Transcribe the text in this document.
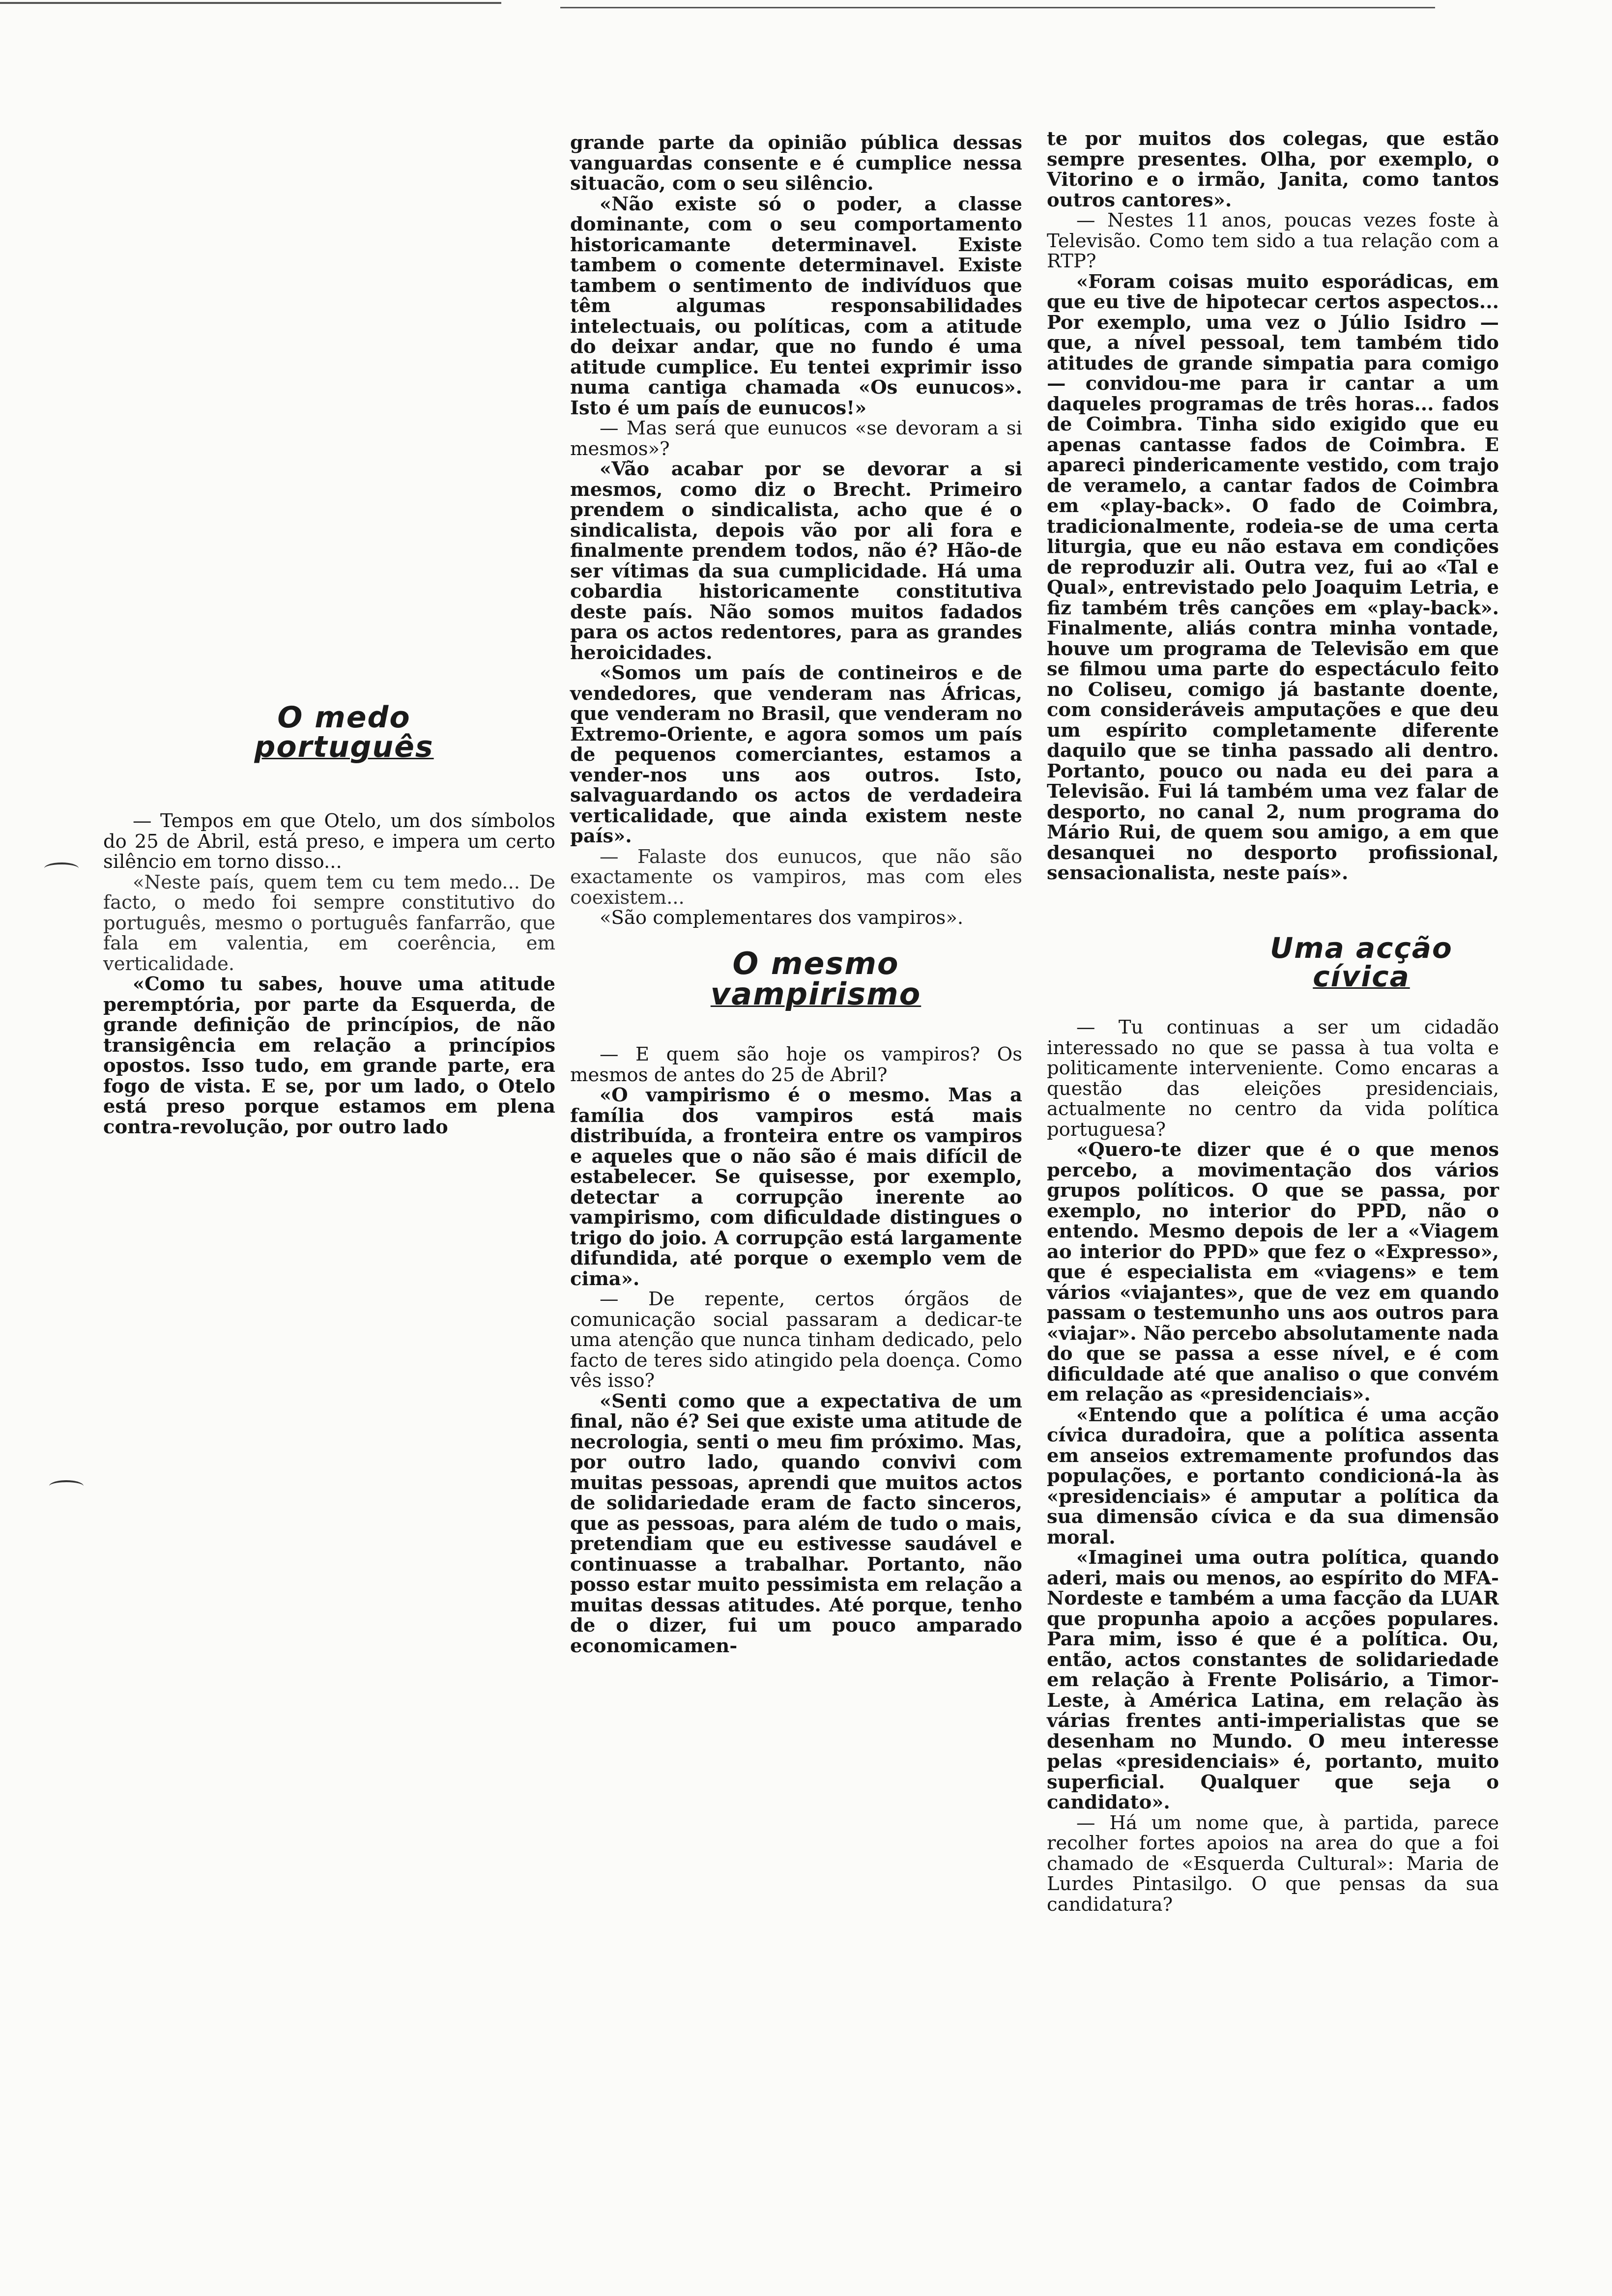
grande parte da opinião pública dessas vanguardas consente e é cumplice nessa situacão, com o seu silêncio.

«Não existe só o poder, a classe dominante, com o seu comportamento historicamante determinavel. Existe tambem o comente determinavel. Existe tambem o sentimento de indivíduos que têm algumas responsabilidades intelectuais, ou políticas, com a atitude do deixar andar, que no fundo é uma atitude cumplice. Eu tentei exprimir isso numa cantiga chamada «Os eunucos». Isto é um país de eunucos!»

— Mas será que eunucos «se devoram a si mesmos»?

«Vão acabar por se devorar a si mesmos, como diz o Brecht. Primeiro prendem o sindicalista, acho que é o sindicalista, depois vão por ali fora e finalmente prendem todos, não é? Hão-de ser vítimas da sua cumplicidade. Há uma cobardia historicamente constitutiva deste país. Não somos muitos fadados para os actos redentores, para as grandes heroicidades.

«Somos um país de contineiros e de vendedores, que venderam nas Áfricas, que venderam no Brasil, que venderam no Extremo-Oriente, e agora somos um país de pequenos comerciantes, estamos a vender-nos uns aos outros. Isto, salvaguardando os actos de verdadeira verticalidade, que ainda existem neste país».

— Falaste dos eunucos, que não são exactamente os vampiros, mas com eles coexistem...

«São complementares dos vampiros».

O mesmo
vampirismo

— E quem são hoje os vampiros? Os mesmos de antes do 25 de Abril?

«O vampirismo é o mesmo. Mas a família dos vampiros está mais distribuída, a fronteira entre os vampiros e aqueles que o não são é mais difícil de estabelecer. Se quisesse, por exemplo, detectar a corrupção inerente ao vampirismo, com dificuldade distingues o trigo do joio. A corrupção está largamente difundida, até porque o exemplo vem de cima».

— De repente, certos órgãos de comunicação social passaram a dedicar-te uma atenção que nunca tinham dedicado, pelo facto de teres sido atingido pela doença. Como vês isso?

«Senti como que a expectativa de um final, não é? Sei que existe uma atitude de necrologia, senti o meu fim próximo. Mas, por outro lado, quando convivi com muitas pessoas, aprendi que muitos actos de solidariedade eram de facto sinceros, que as pessoas, para além de tudo o mais, pretendiam que eu estivesse saudável e continuasse a trabalhar. Portanto, não posso estar muito pessimista em relação a muitas dessas atitudes. Até porque, tenho de o dizer, fui um pouco amparado economicamen-

O medo
português

— Tempos em que Otelo, um dos símbolos do 25 de Abril, está preso, e impera um certo silêncio em torno disso...

«Neste país, quem tem cu tem medo... De facto, o medo foi sempre constitutivo do português, mesmo o português fanfarrão, que fala em valentia, em coerência, em verticalidade.

«Como tu sabes, houve uma atitude peremptória, por parte da Esquerda, de grande definição de princípios, de não transigência em relação a princípios opostos. Isso tudo, em grande parte, era fogo de vista. E se, por um lado, o Otelo está preso porque estamos em plena contra-revolução, por outro lado

te por muitos dos colegas, que estão sempre presentes. Olha, por exemplo, o Vitorino e o irmão, Janita, como tantos outros cantores».

— Nestes 11 anos, poucas vezes foste à Televisão. Como tem sido a tua relação com a RTP?

«Foram coisas muito esporádicas, em que eu tive de hipotecar certos aspectos... Por exemplo, uma vez o Júlio Isidro — que, a nível pessoal, tem também tido atitudes de grande simpatia para comigo — convidou-me para ir cantar a um daqueles programas de três horas... fados de Coimbra. Tinha sido exigido que eu apenas cantasse fados de Coimbra. E apareci pindericamente vestido, com trajo de veramelo, a cantar fados de Coimbra em «play-back». O fado de Coimbra, tradicionalmente, rodeia-se de uma certa liturgia, que eu não estava em condições de reproduzir ali. Outra vez, fui ao «Tal e Qual», entrevistado pelo Joaquim Letria, e fiz também três canções em «play-back». Finalmente, aliás contra minha vontade, houve um programa de Televisão em que se filmou uma parte do espectáculo feito no Coliseu, comigo já bastante doente, com consideráveis amputações e que deu um espírito completamente diferente daquilo que se tinha passado ali dentro. Portanto, pouco ou nada eu dei para a Televisão. Fui lá também uma vez falar de desporto, no canal 2, num programa do Mário Rui, de quem sou amigo, a em que desanquei no desporto profissional, sensacionalista, neste país».

Uma acção
cívica

— Tu continuas a ser um cidadão interessado no que se passa à tua volta e politicamente interveniente. Como encaras a questão das eleições presidenciais, actualmente no centro da vida política portuguesa?

«Quero-te dizer que é o que menos percebo, a movimentação dos vários grupos políticos. O que se passa, por exemplo, no interior do PPD, não o entendo. Mesmo depois de ler a «Viagem ao interior do PPD» que fez o «Expresso», que é especialista em «viagens» e tem vários «viajantes», que de vez em quando passam o testemunho uns aos outros para «viajar». Não percebo absolutamente nada do que se passa a esse nível, e é com dificuldade até que analiso o que convém em relação as «presidenciais».

«Entendo que a política é uma acção cívica duradoira, que a política assenta em anseios extremamente profundos das populações, e portanto condicioná-la às «presidenciais» é amputar a política da sua dimensão cívica e da sua dimensão moral.

«Imaginei uma outra política, quando aderi, mais ou menos, ao espírito do MFA-Nordeste e também a uma facção da LUAR que propunha apoio a acções populares. Para mim, isso é que é a política. Ou, então, actos constantes de solidariedade em relação à Frente Polisário, a Timor-Leste, à América Latina, em relação às várias frentes anti-imperialistas que se desenham no Mundo. O meu interesse pelas «presidenciais» é, portanto, muito superficial. Qualquer que seja o candidato».

— Há um nome que, à partida, parece recolher fortes apoios na area do que a foi chamado de «Esquerda Cultural»: Maria de Lurdes Pintasilgo. O que pensas da sua candidatura?
